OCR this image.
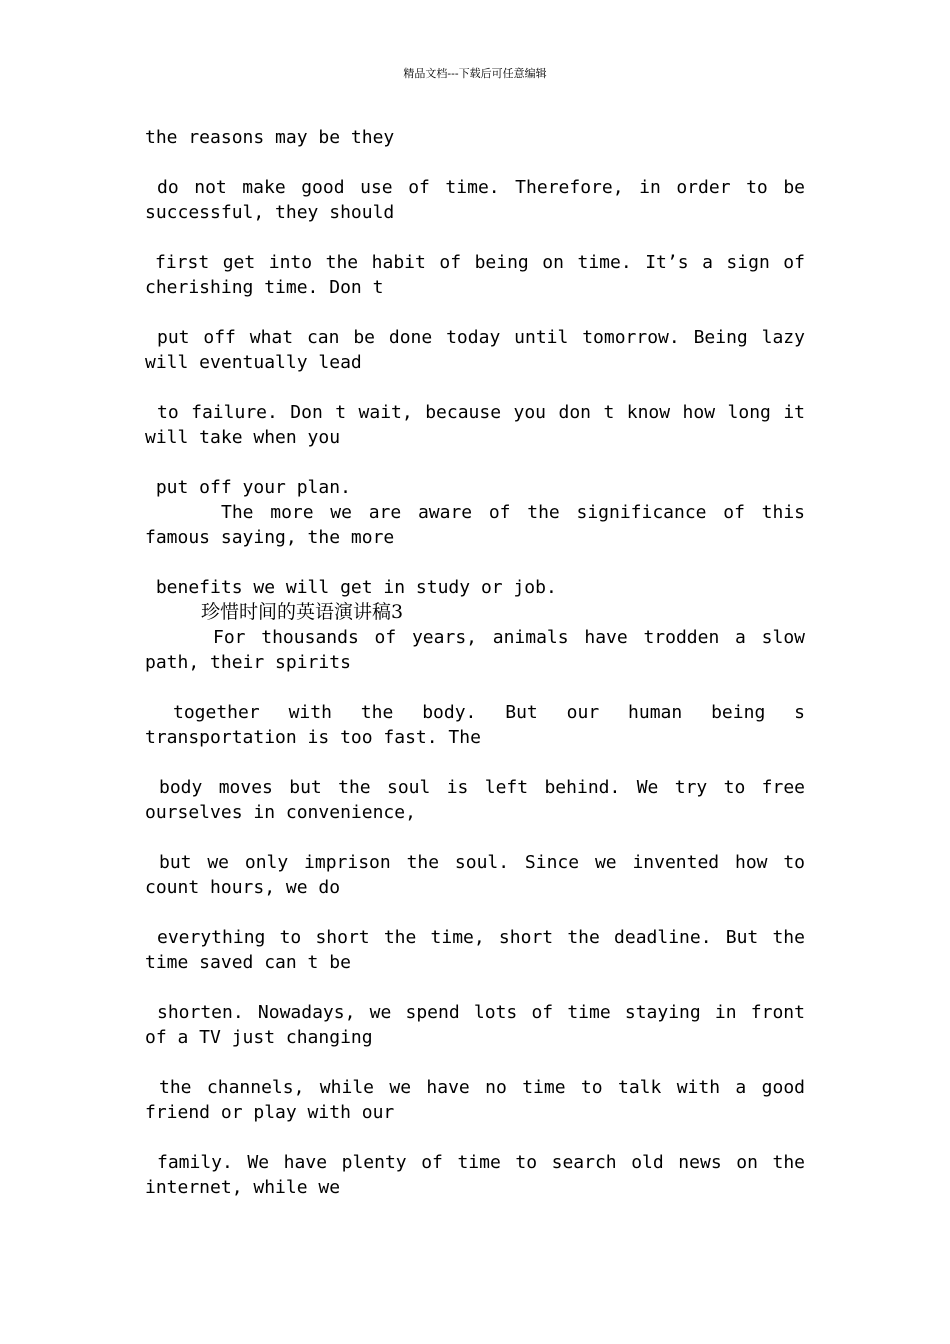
精品文档---下载后可任意编辑
the reasons may be they
do not make good use of time. Therefore, in order to be
successful, they should
first get into the habit of being on time. It’s a sign of
cherishing time. Don t
put off what can be done today until tomorrow. Being lazy
will eventually lead
to failure. Don t wait, because you don t know how long it
will take when you
put off your plan.
The more we are aware of the significance of this
famous saying, the more
benefits we will get in study or job.
珍惜时间的英语演讲稿3
For thousands of years, animals have trodden a slow
path, their spirits
together with the body. But our human being s
transportation is too fast. The
body moves but the soul is left behind. We try to free
ourselves in convenience,
but we only imprison the soul. Since we invented how to
count hours, we do
everything to short the time, short the deadline. But the
time saved can t be
shorten. Nowadays, we spend lots of time staying in front
of a TV just changing
the channels, while we have no time to talk with a good
friend or play with our
family. We have plenty of time to search old news on the
internet, while we
